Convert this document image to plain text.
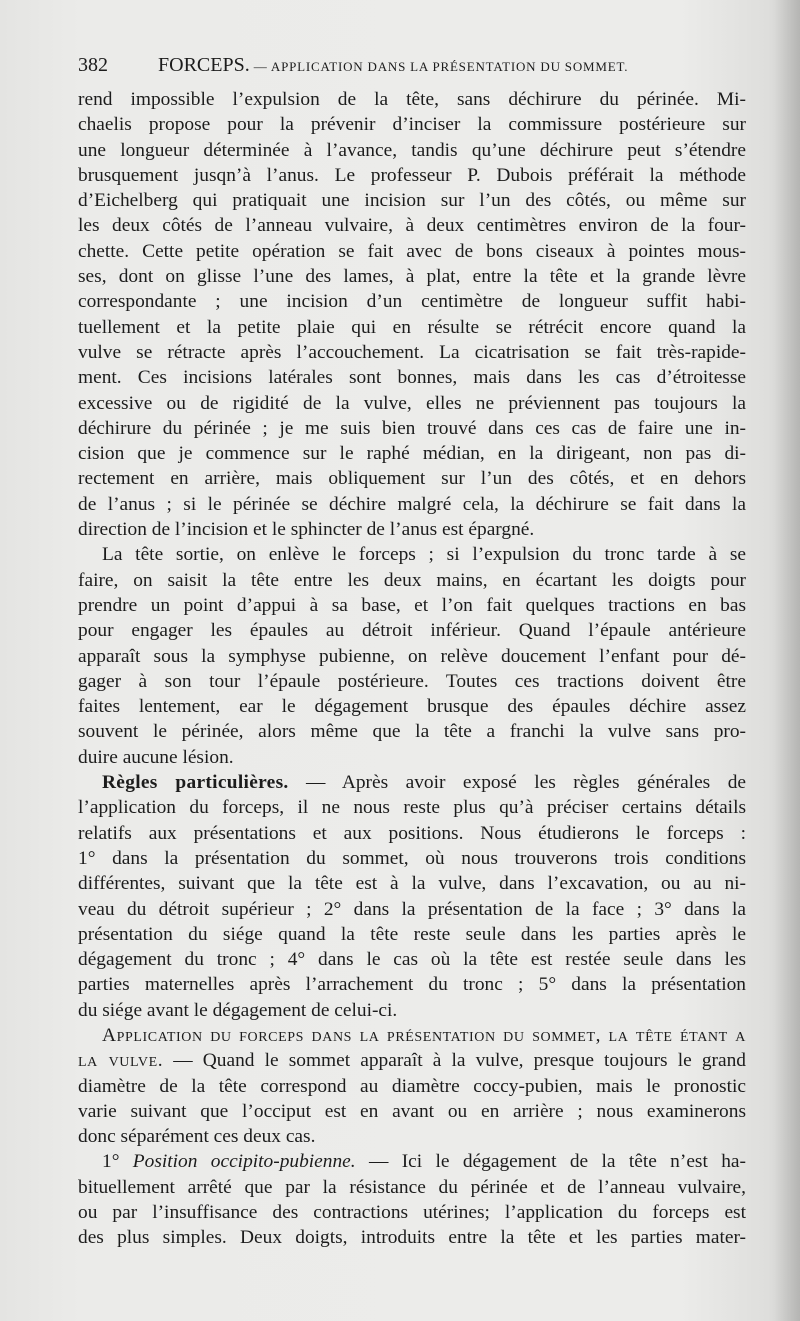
382	FORCEPS. — APPLICATION DANS LA PRÉSENTATION DU SOMMET.
rend impossible l’expulsion de la tête, sans déchirure du périnée. Mi-
chaelis propose pour la prévenir d’inciser la commissure postérieure sur
une longueur déterminée à l’avance, tandis qu’une déchirure peut s’étendre
brusquement jusqn’à l’anus. Le professeur P. Dubois préférait la méthode
d’Eichelberg qui pratiquait une incision sur l’un des côtés, ou même sur
les deux côtés de l’anneau vulvaire, à deux centimètres environ de la four-
chette. Cette petite opération se fait avec de bons ciseaux à pointes mous-
ses, dont on glisse l’une des lames, à plat, entre la tête et la grande lèvre
correspondante ; une incision d’un centimètre de longueur suffit habi-
tuellement et la petite plaie qui en résulte se rétrécit encore quand la
vulve se rétracte après l’accouchement. La cicatrisation se fait très-rapide-
ment. Ces incisions latérales sont bonnes, mais dans les cas d’étroitesse
excessive ou de rigidité de la vulve, elles ne préviennent pas toujours la
déchirure du périnée ; je me suis bien trouvé dans ces cas de faire une in-
cision que je commence sur le raphé médian, en la dirigeant, non pas di-
rectement en arrière, mais obliquement sur l’un des côtés, et en dehors
de l’anus ; si le périnée se déchire malgré cela, la déchirure se fait dans la
direction de l’incision et le sphincter de l’anus est épargné.
La tête sortie, on enlève le forceps ; si l’expulsion du tronc tarde à se
faire, on saisit la tête entre les deux mains, en écartant les doigts pour
prendre un point d’appui à sa base, et l’on fait quelques tractions en bas
pour engager les épaules au détroit inférieur. Quand l’épaule antérieure
apparaît sous la symphyse pubienne, on relève doucement l’enfant pour dé-
gager à son tour l’épaule postérieure. Toutes ces tractions doivent être
faites lentement, ear le dégagement brusque des épaules déchire assez
souvent le périnée, alors même que la tête a franchi la vulve sans pro-
duire aucune lésion.
Règles particulières. — Après avoir exposé les règles générales de
l’application du forceps, il ne nous reste plus qu’à préciser certains détails
relatifs aux présentations et aux positions. Nous étudierons le forceps :
1° dans la présentation du sommet, où nous trouverons trois conditions
différentes, suivant que la tête est à la vulve, dans l’excavation, ou au ni-
veau du détroit supérieur ; 2° dans la présentation de la face ; 3° dans la
présentation du siége quand la tête reste seule dans les parties après le
dégagement du tronc ; 4° dans le cas où la tête est restée seule dans les
parties maternelles après l’arrachement du tronc ; 5° dans la présentation
du siége avant le dégagement de celui-ci.
Application du forceps dans la présentation du sommet, la tête étant a
la vulve. — Quand le sommet apparaît à la vulve, presque toujours le grand
diamètre de la tête correspond au diamètre coccy-pubien, mais le pronostic
varie suivant que l’occiput est en avant ou en arrière ; nous examinerons
donc séparément ces deux cas.
1° Position occipito-pubienne. — Ici le dégagement de la tête n’est ha-
bituellement arrêté que par la résistance du périnée et de l’anneau vulvaire,
ou par l’insuffisance des contractions utérines; l’application du forceps est
des plus simples. Deux doigts, introduits entre la tête et les parties mater-
